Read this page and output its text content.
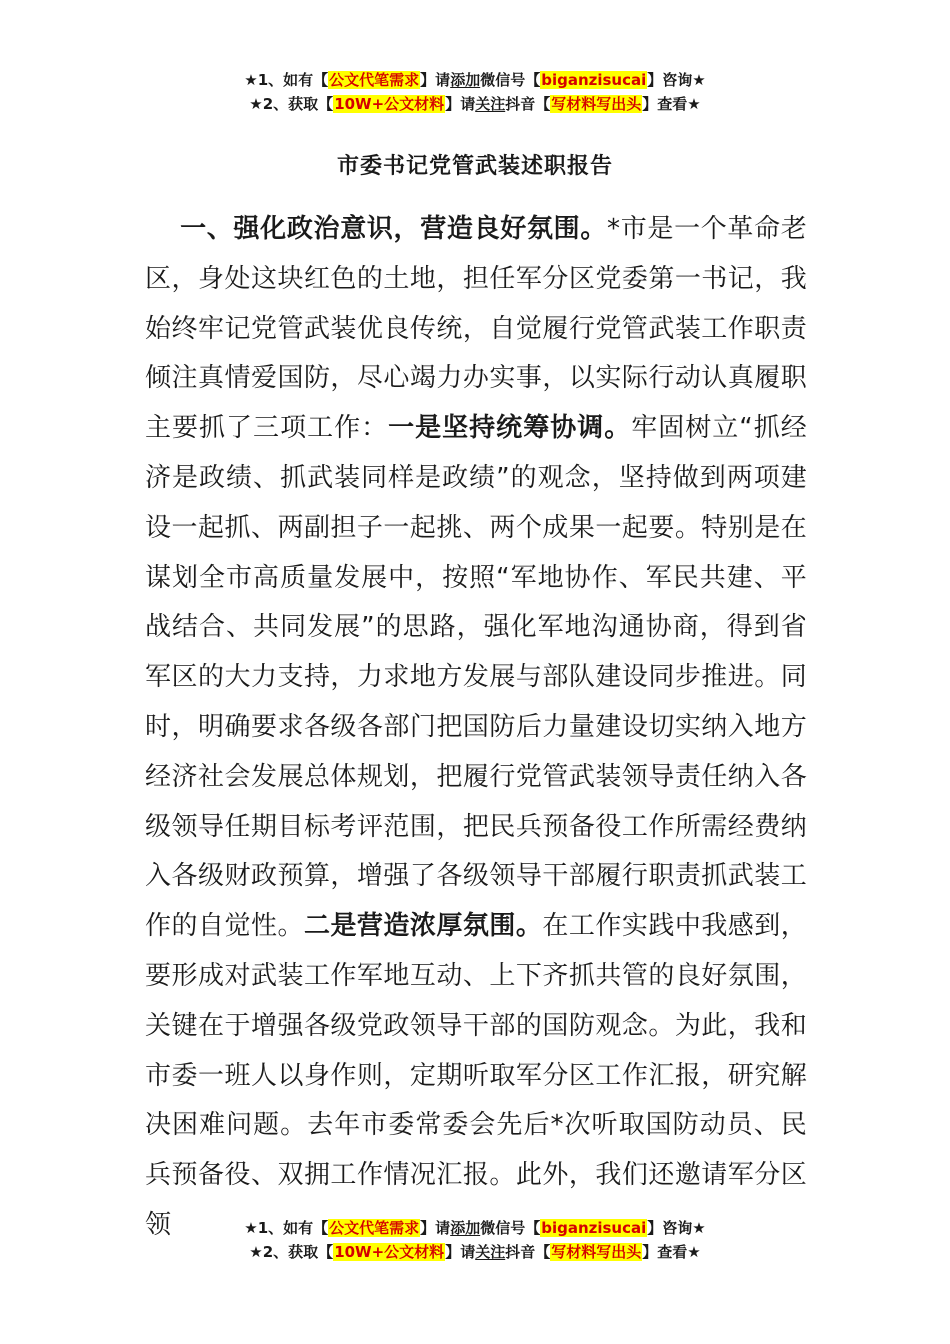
★1、如有【公文代笔需求】请添加微信号【biganzisucai】咨询★
★2、获取【10W+公文材料】请关注抖音【写材料写出头】查看★
市委书记党管武装述职报告

一、强化政治意识，营造良好氛围。*市是一个革命老区，身处这块红色的土地，担任军分区党委第一书记，我始终牢记党管武装优良传统，自觉履行党管武装工作职责倾注真情爱国防，尽心竭力办实事，以实际行动认真履职主要抓了三项工作：一是坚持统筹协调。牢固树立“抓经济是政绩、抓武装同样是政绩”的观念，坚持做到两项建设一起抓、两副担子一起挑、两个成果一起要。特别是在谋划全市高质量发展中，按照“军地协作、军民共建、平战结合、共同发展”的思路，强化军地沟通协商，得到省军区的大力支持，力求地方发展与部队建设同步推进。同时，明确要求各级各部门把国防后力量建设切实纳入地方经济社会发展总体规划，把履行党管武装领导责任纳入各级领导任期目标考评范围，把民兵预备役工作所需经费纳入各级财政预算，增强了各级领导干部履行职责抓武装工作的自觉性。二是营造浓厚氛围。在工作实践中我感到，要形成对武装工作军地互动、上下齐抓共管的良好氛围，关键在于增强各级党政领导干部的国防观念。为此，我和市委一班人以身作则，定期听取军分区工作汇报，研究解决困难问题。去年市委常委会先后*次听取国防动员、民兵预备役、双拥工作情况汇报。此外，我们还邀请军分区领	★1、如有【公文代笔需求】请添加微信号【biganzisucai】咨询★
★2、获取【10W+公文材料】请关注抖音【写材料写出头】查看★
